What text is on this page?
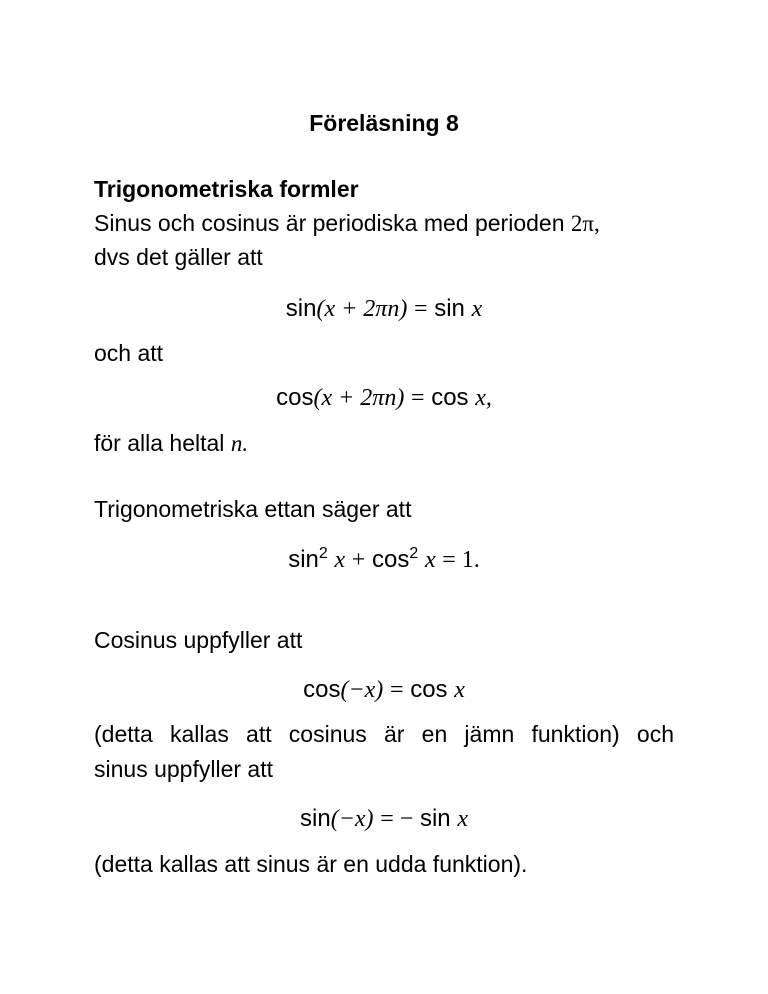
Föreläsning 8
Trigonometriska formler
Sinus och cosinus är periodiska med perioden 2π,
dvs det gäller att
sin(x + 2πn) = sin x
och att
cos(x + 2πn) = cos x,
för alla heltal n.
Trigonometriska ettan säger att
sin$^2$ x + cos$^2$ x = 1.
Cosinus uppfyller att
cos(−x) = cos x
(detta kallas att cosinus är en jämn funktion) och
sinus uppfyller att
sin(−x) = − sin x
(detta kallas att sinus är en udda funktion).
